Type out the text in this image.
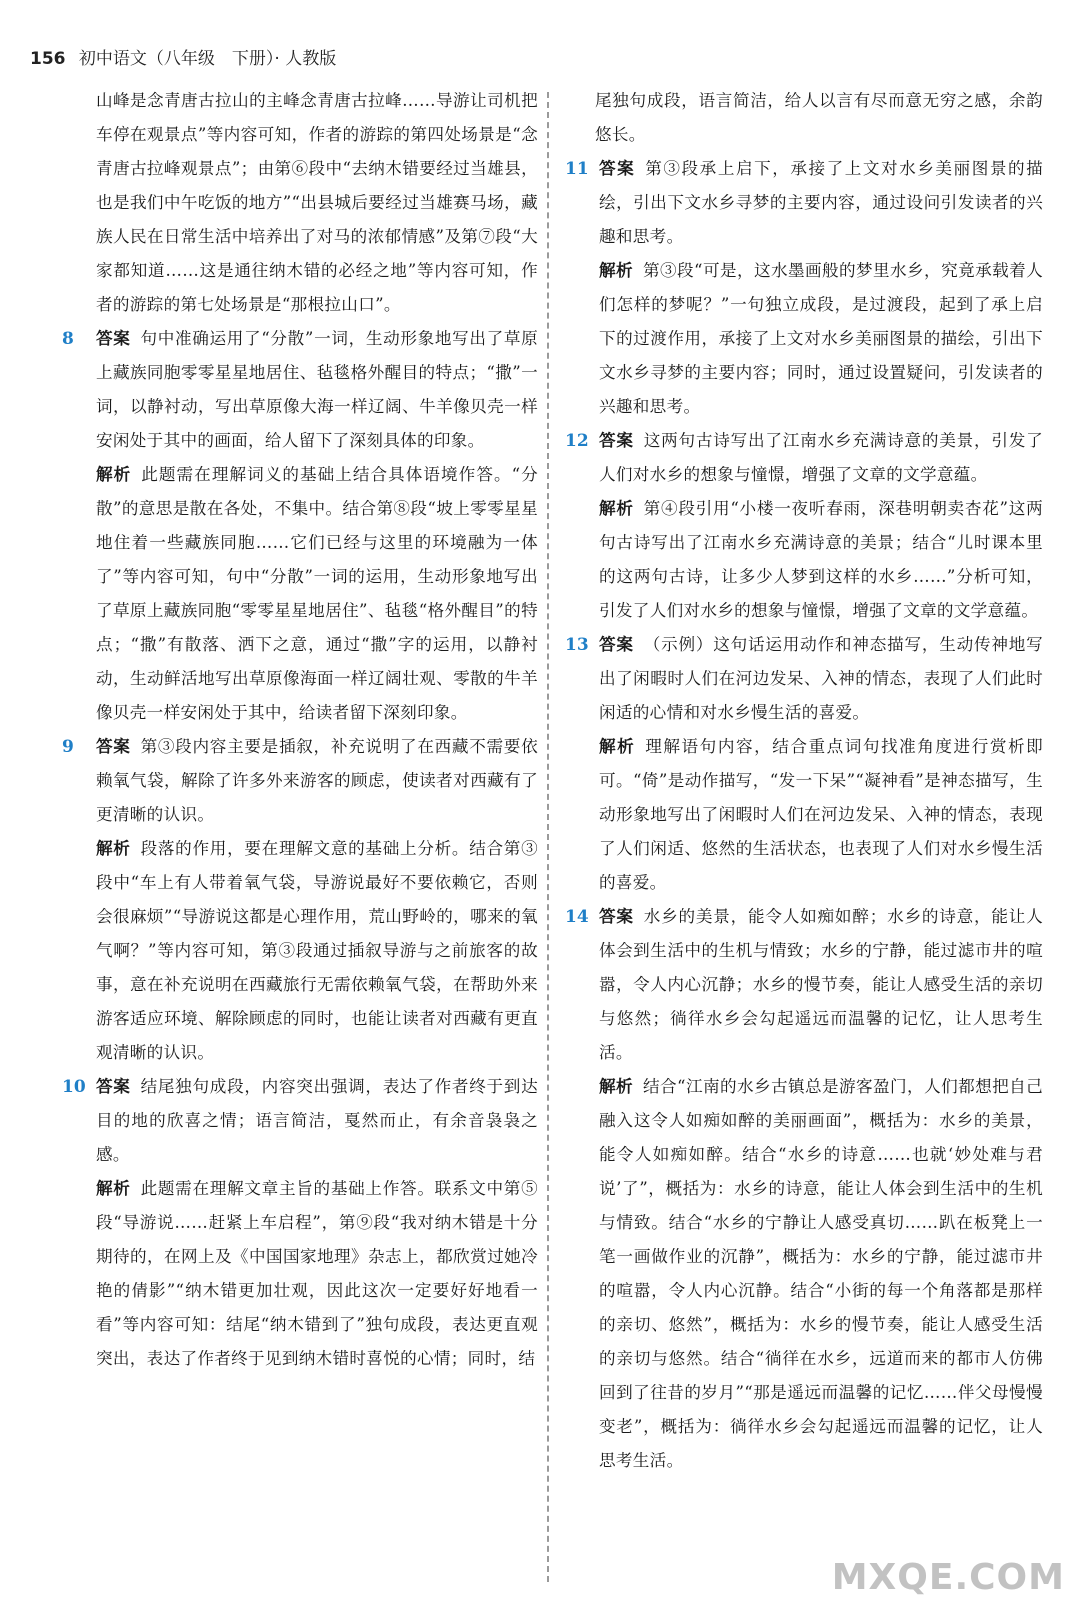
156 初中语文（八年级　下册）· 人教版

山峰是念青唐古拉山的主峰念青唐古拉峰……导游让司机把车停在观景点”等内容可知，作者的游踪的第四处场景是“念青唐古拉峰观景点”；由第⑥段中“去纳木错要经过当雄县，也是我们中午吃饭的地方”“出县城后要经过当雄赛马场，藏族人民在日常生活中培养出了对马的浓郁情感”及第⑦段“大家都知道……这是通往纳木错的必经之地”等内容可知，作者的游踪的第七处场景是“那根拉山口”。

8 答案 句中准确运用了“分散”一词，生动形象地写出了草原上藏族同胞零零星星地居住、毡毯格外醒目的特点；“撒”一词，以静衬动，写出草原像大海一样辽阔、牛羊像贝壳一样安闲处于其中的画面，给人留下了深刻具体的印象。

解析 此题需在理解词义的基础上结合具体语境作答。“分散”的意思是散在各处，不集中。结合第⑧段“坡上零零星星地住着一些藏族同胞……它们已经与这里的环境融为一体了”等内容可知，句中“分散”一词的运用，生动形象地写出了草原上藏族同胞“零零星星地居住”、毡毯“格外醒目”的特点；“撒”有散落、洒下之意，通过“撒”字的运用，以静衬动，生动鲜活地写出草原像海面一样辽阔壮观、零散的牛羊像贝壳一样安闲处于其中，给读者留下深刻印象。

9 答案 第③段内容主要是插叙，补充说明了在西藏不需要依赖氧气袋，解除了许多外来游客的顾虑，使读者对西藏有了更清晰的认识。

解析 段落的作用，要在理解文意的基础上分析。结合第③段中“车上有人带着氧气袋，导游说最好不要依赖它，否则会很麻烦”“导游说这都是心理作用，荒山野岭的，哪来的氧气啊？”等内容可知，第③段通过插叙导游与之前旅客的故事，意在补充说明在西藏旅行无需依赖氧气袋，在帮助外来游客适应环境、解除顾虑的同时，也能让读者对西藏有更直观清晰的认识。

10 答案 结尾独句成段，内容突出强调，表达了作者终于到达目的地的欣喜之情；语言简洁，戛然而止，有余音袅袅之感。

解析 此题需在理解文章主旨的基础上作答。联系文中第⑤段“导游说……赶紧上车启程”，第⑨段“我对纳木错是十分期待的，在网上及《中国国家地理》杂志上，都欣赏过她冷艳的倩影”“纳木错更加壮观，因此这次一定要好好地看一看”等内容可知：结尾“纳木错到了”独句成段，表达更直观突出，表达了作者终于见到纳木错时喜悦的心情；同时，结

尾独句成段，语言简洁，给人以言有尽而意无穷之感，余韵悠长。

11 答案 第③段承上启下，承接了上文对水乡美丽图景的描绘，引出下文水乡寻梦的主要内容，通过设问引发读者的兴趣和思考。

解析 第③段“可是，这水墨画般的梦里水乡，究竟承载着人们怎样的梦呢？”一句独立成段，是过渡段，起到了承上启下的过渡作用，承接了上文对水乡美丽图景的描绘，引出下文水乡寻梦的主要内容；同时，通过设置疑问，引发读者的兴趣和思考。

12 答案 这两句古诗写出了江南水乡充满诗意的美景，引发了人们对水乡的想象与憧憬，增强了文章的文学意蕴。

解析 第④段引用“小楼一夜听春雨，深巷明朝卖杏花”这两句古诗写出了江南水乡充满诗意的美景；结合“儿时课本里的这两句古诗，让多少人梦到这样的水乡……”分析可知，引发了人们对水乡的想象与憧憬，增强了文章的文学意蕴。

13 答案 （示例）这句话运用动作和神态描写，生动传神地写出了闲暇时人们在河边发呆、入神的情态，表现了人们此时闲适的心情和对水乡慢生活的喜爱。

解析 理解语句内容，结合重点词句找准角度进行赏析即可。“倚”是动作描写，“发一下呆”“凝神看”是神态描写，生动形象地写出了闲暇时人们在河边发呆、入神的情态，表现了人们闲适、悠然的生活状态，也表现了人们对水乡慢生活的喜爱。

14 答案 水乡的美景，能令人如痴如醉；水乡的诗意，能让人体会到生活中的生机与情致；水乡的宁静，能过滤市井的喧嚣，令人内心沉静；水乡的慢节奏，能让人感受生活的亲切与悠然；徜徉水乡会勾起遥远而温馨的记忆，让人思考生活。

解析 结合“江南的水乡古镇总是游客盈门，人们都想把自己融入这令人如痴如醉的美丽画面”，概括为：水乡的美景，能令人如痴如醉。结合“水乡的诗意……也就‘妙处难与君说’了”，概括为：水乡的诗意，能让人体会到生活中的生机与情致。结合“水乡的宁静让人感受真切……趴在板凳上一笔一画做作业的沉静”，概括为：水乡的宁静，能过滤市井的喧嚣，令人内心沉静。结合“小街的每一个角落都是那样的亲切、悠然”，概括为：水乡的慢节奏，能让人感受生活的亲切与悠然。结合“徜徉在水乡，远道而来的都市人仿佛回到了往昔的岁月”“那是遥远而温馨的记忆……伴父母慢慢变老”，概括为：徜徉水乡会勾起遥远而温馨的记忆，让人思考生活。

MXQE.COM
